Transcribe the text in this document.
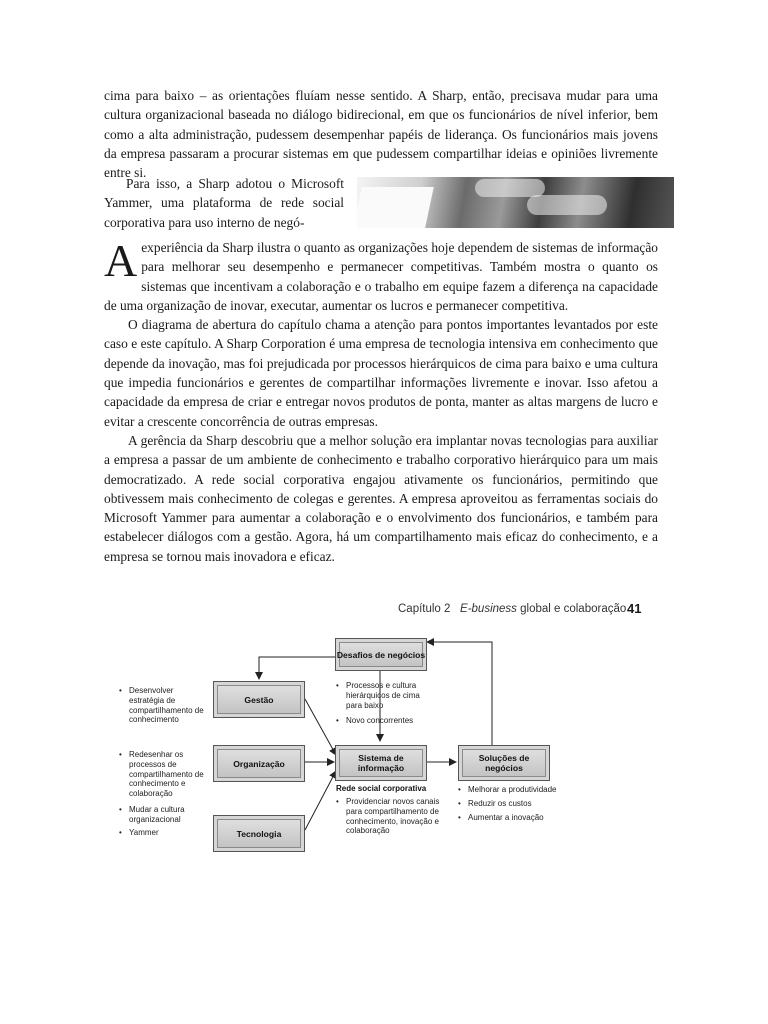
cima para baixo – as orientações fluíam nesse sentido. A Sharp, então, precisava mudar para uma cultura organizacional baseada no diálogo bidirecional, em que os funcionários de nível inferior, bem como a alta administração, pudessem desempenhar papéis de liderança. Os funcionários mais jovens da empresa passaram a procurar sistemas em que pudessem compartilhar ideias e opiniões livremente entre si.

Para isso, a Sharp adotou o Microsoft Yammer, uma plataforma de rede social corporativa para uso interno de negó-

Aexperiência da Sharp ilustra o quanto as organizações hoje dependem de sistemas de informação para melhorar seu desempenho e permanecer competitivas. Também mostra o quanto os sistemas que incentivam a colaboração e o trabalho em equipe fazem a diferença na capacidade de uma organização de inovar, executar, aumentar os lucros e permanecer competitiva.

O diagrama de abertura do capítulo chama a atenção para pontos importantes levantados por este caso e este capítulo. A Sharp Corporation é uma empresa de tecnologia intensiva em conhecimento que depende da inovação, mas foi prejudicada por processos hierárquicos de cima para baixo e uma cultura que impedia funcionários e gerentes de compartilhar informações livremente e inovar. Isso afetou a capacidade da empresa de criar e entregar novos produtos de ponta, manter as altas margens de lucro e evitar a crescente concorrência de outras empresas.

A gerência da Sharp descobriu que a melhor solução era implantar novas tecnologias para auxiliar a empresa a passar de um ambiente de conhecimento e trabalho corporativo hierárquico para um mais democratizado. A rede social corporativa engajou ativamente os funcionários, permitindo que obtivessem mais conhecimento de colegas e gerentes. A empresa aproveitou as ferramentas sociais do Microsoft Yammer para aumentar a colaboração e o envolvimento dos funcionários, e também para estabelecer diálogos com a gestão. Agora, há um compartilhamento mais eficaz do conhecimento, e a empresa se tornou mais inovadora e eficaz.

Capítulo 2 E-business global e colaboração 41
Desafios de negócios
Gestão
Organização
Tecnologia
Sistema de informação
Soluções de negócios
• Desenvolver estratégia de compartilhamento de conhecimento
• Redesenhar os processos de compartilhamento de conhecimento e colaboração
• Mudar a cultura organizacional
• Yammer
• Processos e cultura hierárquicos de cima para baixo
• Novo concorrentes
Rede social corporativa
• Providenciar novos canais para compartilhamento de conhecimento, inovação e colaboração
• Melhorar a produtividade
• Reduzir os custos
• Aumentar a inovação
